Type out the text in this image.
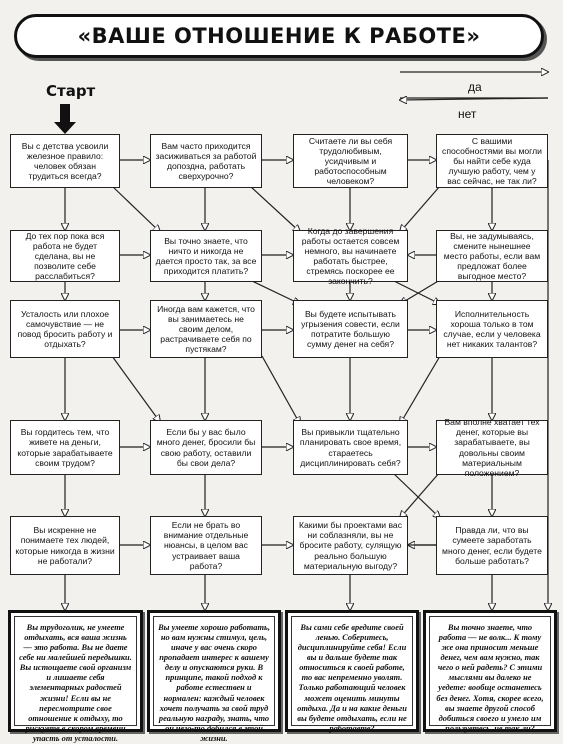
«ВАШЕ ОТНОШЕНИЕ К РАБОТЕ»
Старт	да
нет
Вы с детства усвоили железное правило: человек обязан трудиться всегда?
Вам часто приходится засиживаться за работой допоздна, работать сверхурочно?
Считаете ли вы себя трудолюбивым, усидчивым и работоспособным человеком?
С вашими способностями вы могли бы найти себе куда лучшую работу, чем у вас сейчас, не так ли?
До тех пор пока вся работа не будет сделана, вы не позволите себе расслабиться?
Вы точно знаете, что ничто и никогда не дается просто так, за все приходится платить?
Когда до завершения работы остается совсем немного, вы начинаете работать быстрее, стремясь поскорее ее закончить?
Вы, не задумываясь, смените нынешнее место работы, если вам предложат более выгодное место?
Усталость или плохое самочувствие — не повод бросить работу и отдыхать?
Иногда вам кажется, что вы занимаетесь не своим делом, растрачиваете себя по пустякам?
Вы будете испытывать угрызения совести, если потратите большую сумму денег на себя?
Исполнительность хороша только в том случае, если у человека нет никаких талантов?
Вы гордитесь тем, что живете на деньги, которые зарабатываете своим трудом?
Если бы у вас было много денег, бросили бы свою работу, оставили бы свои дела?
Вы привыкли тщательно планировать свое время, стараетесь дисциплинировать себя?
Вам вполне хватает тех денег, которые вы зарабатываете, вы довольны своим материальным положением?
Вы искренне не понимаете тех людей, которые никогда в жизни не работали?
Если не брать во внимание отдельные нюансы, в целом вас устраивает ваша работа?
Какими бы проектами вас ни соблазняли, вы не бросите работу, сулящую реально большую материальную выгоду?
Правда ли, что вы сумеете заработать много денег, если будете больше работать?
Вы трудоголик, не умеете отдыхать, вся ваша жизнь — это работа. Вы не даете себе ни малейшей передышки. Вы истощаете свой организм и лишаете себя элементарных радостей жизни! Если вы не пересмотрите свое отношение к отдыху, то рискуете в скором времени упасть от усталости.
Вы умеете хорошо работать, но вам нужны стимул, цель, иначе у вас очень скоро пропадает интерес к вашему делу и опускаются руки. В принципе, такой подход к работе естествен и нормален: каждый человек хочет получать за свой труд реальную награду, знать, что он чего-то добился в этой жизни.
Вы сами себе вредите своей ленью. Соберитесь, дисциплинируйте себя! Если вы и дальше будете так относиться к своей работе, то вас непременно уволят. Только работающий человек может оценить минуты отдыха. Да и на какие деньги вы будете отдыхать, если не работаете?
Вы точно знаете, что работа — не волк... К тому же она приносит меньше денег, чем вам нужно, так чего о ней радеть? С этими мыслями вы далеко не уедете: вообще останетесь без денег. Хотя, скорее всего, вы знаете другой способ добиться своего и умело им пользуетесь, не так ли?
